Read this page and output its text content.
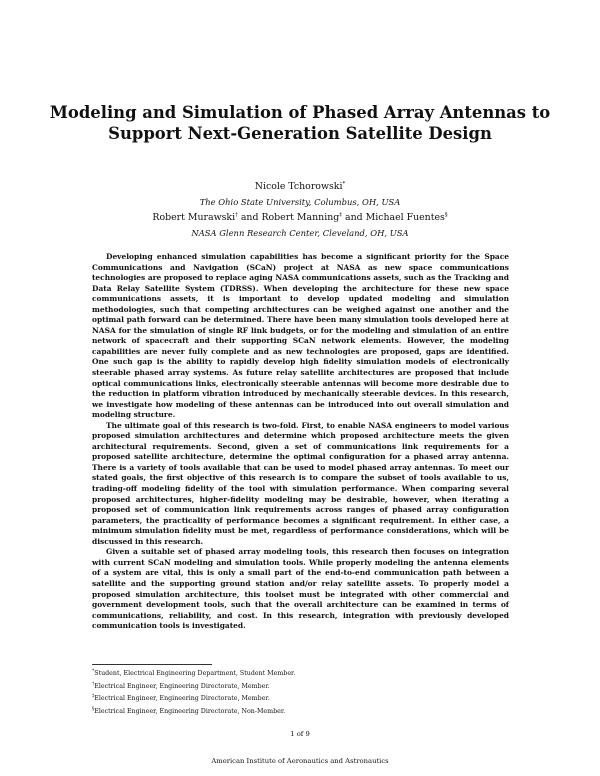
Modeling and Simulation of Phased Array Antennas to Support Next-Generation Satellite Design
Nicole Tchorowski*
The Ohio State University, Columbus, OH, USA
Robert Murawski† and Robert Manning‡ and Michael Fuentes§
NASA Glenn Research Center, Cleveland, OH, USA

Developing enhanced simulation capabilities has become a significant priority for the Space Communications and Navigation (SCaN) project at NASA as new space communications technologies are proposed to replace aging NASA communications assets, such as the Tracking and Data Relay Satellite System (TDRSS). When developing the architecture for these new space communications assets, it is important to develop updated modeling and simulation methodologies, such that competing architectures can be weighed against one another and the optimal path forward can be determined. There have been many simulation tools developed here at NASA for the simulation of single RF link budgets, or for the modeling and simulation of an entire network of spacecraft and their supporting SCaN network elements. However, the modeling capabilities are never fully complete and as new technologies are proposed, gaps are identified. One such gap is the ability to rapidly develop high fidelity simulation models of electronically steerable phased array systems. As future relay satellite architectures are proposed that include optical communications links, electronically steerable antennas will become more desirable due to the reduction in platform vibration introduced by mechanically steerable devices. In this research, we investigate how modeling of these antennas can be introduced into out overall simulation and modeling structure.

The ultimate goal of this research is two-fold. First, to enable NASA engineers to model various proposed simulation architectures and determine which proposed architecture meets the given architectural requirements. Second, given a set of communications link requirements for a proposed satellite architecture, determine the optimal configuration for a phased array antenna. There is a variety of tools available that can be used to model phased array antennas. To meet our stated goals, the first objective of this research is to compare the subset of tools available to us, trading-off modeling fidelity of the tool with simulation performance. When comparing several proposed architectures, higher-fidelity modeling may be desirable, however, when iterating a proposed set of communication link requirements across ranges of phased array configuration parameters, the practicality of performance becomes a significant requirement. In either case, a minimum simulation fidelity must be met, regardless of performance considerations, which will be discussed in this research.

Given a suitable set of phased array modeling tools, this research then focuses on integration with current SCaN modeling and simulation tools. While properly modeling the antenna elements of a system are vital, this is only a small part of the end-to-end communication path between a satellite and the supporting ground station and/or relay satellite assets. To properly model a proposed simulation architecture, this toolset must be integrated with other commercial and government development tools, such that the overall architecture can be examined in terms of communications, reliability, and cost. In this research, integration with previously developed communication tools is investigated.

*Student, Electrical Engineering Department, Student Member.
†Electrical Engineer, Engineering Directorate, Member.
‡Electrical Engineer, Engineering Directorate, Member.
§Electrical Engineer, Engineering Directorate, Non-Member.
1 of 9
American Institute of Aeronautics and Astronautics
